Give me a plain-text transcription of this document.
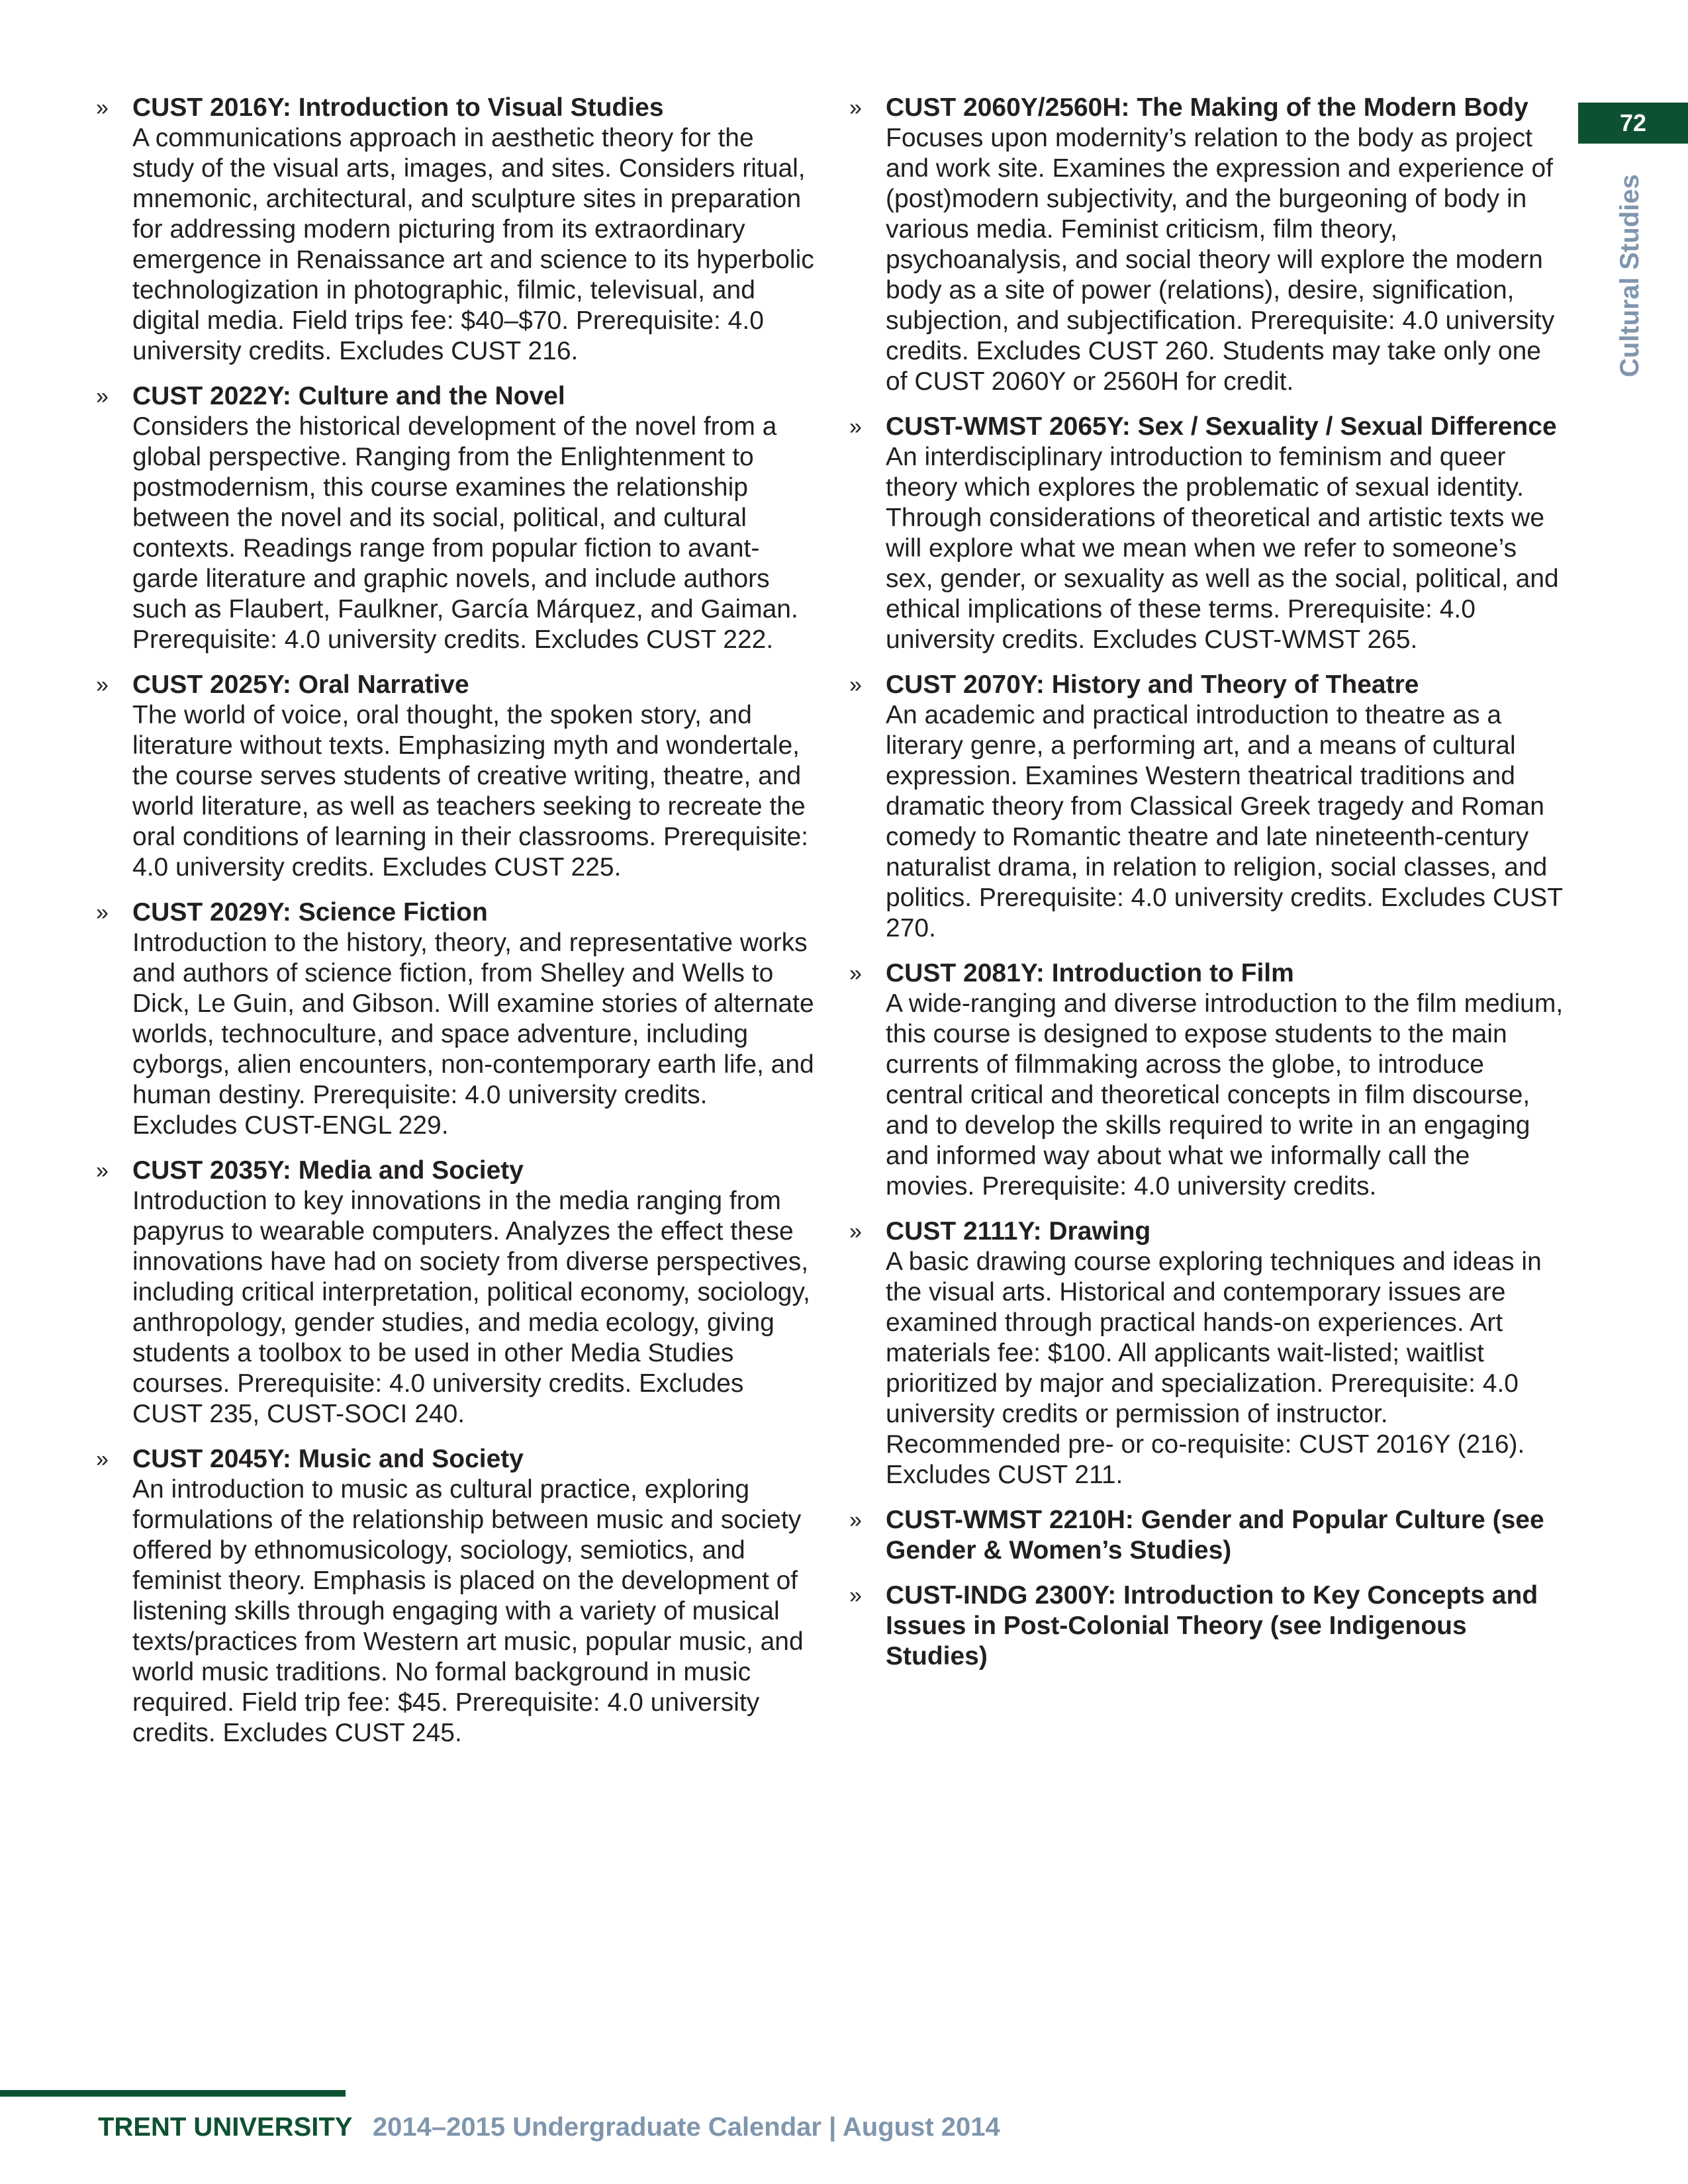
72
Cultural Studies
» CUST 2016Y: Introduction to Visual Studies
A communications approach in aesthetic theory for the study of the visual arts, images, and sites. Considers ritual, mnemonic, architectural, and sculpture sites in preparation for addressing modern picturing from its extraordinary emergence in Renaissance art and science to its hyperbolic technologization in photographic, filmic, televisual, and digital media. Field trips fee: $40–$70. Prerequisite: 4.0 university credits. Excludes CUST 216.
» CUST 2022Y: Culture and the Novel
Considers the historical development of the novel from a global perspective. Ranging from the Enlightenment to postmodernism, this course examines the relationship between the novel and its social, political, and cultural contexts. Readings range from popular fiction to avant-garde literature and graphic novels, and include authors such as Flaubert, Faulkner, García Márquez, and Gaiman. Prerequisite: 4.0 university credits. Excludes CUST 222.
» CUST 2025Y: Oral Narrative
The world of voice, oral thought, the spoken story, and literature without texts. Emphasizing myth and wondertale, the course serves students of creative writing, theatre, and world literature, as well as teachers seeking to recreate the oral conditions of learning in their classrooms. Prerequisite: 4.0 university credits. Excludes CUST 225.
» CUST 2029Y: Science Fiction
Introduction to the history, theory, and representative works and authors of science fiction, from Shelley and Wells to Dick, Le Guin, and Gibson. Will examine stories of alternate worlds, technoculture, and space adventure, including cyborgs, alien encounters, non-contemporary earth life, and human destiny. Prerequisite: 4.0 university credits. Excludes CUST-ENGL 229.
» CUST 2035Y: Media and Society
Introduction to key innovations in the media ranging from papyrus to wearable computers. Analyzes the effect these innovations have had on society from diverse perspectives, including critical interpretation, political economy, sociology, anthropology, gender studies, and media ecology, giving students a toolbox to be used in other Media Studies courses. Prerequisite: 4.0 university credits. Excludes CUST 235, CUST-SOCI 240.
» CUST 2045Y: Music and Society
An introduction to music as cultural practice, exploring formulations of the relationship between music and society offered by ethnomusicology, sociology, semiotics, and feminist theory. Emphasis is placed on the development of listening skills through engaging with a variety of musical texts/practices from Western art music, popular music, and world music traditions. No formal background in music required. Field trip fee: $45. Prerequisite: 4.0 university credits. Excludes CUST 245.
» CUST 2060Y/2560H: The Making of the Modern Body
Focuses upon modernity’s relation to the body as project and work site. Examines the expression and experience of (post)modern subjectivity, and the burgeoning of body in various media. Feminist criticism, film theory, psychoanalysis, and social theory will explore the modern body as a site of power (relations), desire, signification, subjection, and subjectification. Prerequisite: 4.0 university credits. Excludes CUST 260. Students may take only one of CUST 2060Y or 2560H for credit.
» CUST-WMST 2065Y: Sex / Sexuality / Sexual Difference
An interdisciplinary introduction to feminism and queer theory which explores the problematic of sexual identity. Through considerations of theoretical and artistic texts we will explore what we mean when we refer to someone’s sex, gender, or sexuality as well as the social, political, and ethical implications of these terms. Prerequisite: 4.0 university credits. Excludes CUST-WMST 265.
» CUST 2070Y: History and Theory of Theatre
An academic and practical introduction to theatre as a literary genre, a performing art, and a means of cultural expression. Examines Western theatrical traditions and dramatic theory from Classical Greek tragedy and Roman comedy to Romantic theatre and late nineteenth-century naturalist drama, in relation to religion, social classes, and politics. Prerequisite: 4.0 university credits. Excludes CUST 270.
» CUST 2081Y: Introduction to Film
A wide-ranging and diverse introduction to the film medium, this course is designed to expose students to the main currents of filmmaking across the globe, to introduce central critical and theoretical concepts in film discourse, and to develop the skills required to write in an engaging and informed way about what we informally call the movies. Prerequisite: 4.0 university credits.
» CUST 2111Y: Drawing
A basic drawing course exploring techniques and ideas in the visual arts. Historical and contemporary issues are examined through practical hands-on experiences. Art materials fee: $100. All applicants wait-listed; waitlist prioritized by major and specialization. Prerequisite: 4.0 university credits or permission of instructor. Recommended pre- or co-requisite: CUST 2016Y (216). Excludes CUST 211.
» CUST-WMST 2210H: Gender and Popular Culture (see Gender & Women’s Studies)
» CUST-INDG 2300Y: Introduction to Key Concepts and Issues in Post-Colonial Theory (see Indigenous Studies)
TRENT UNIVERSITY 2014–2015 Undergraduate Calendar | August 2014
